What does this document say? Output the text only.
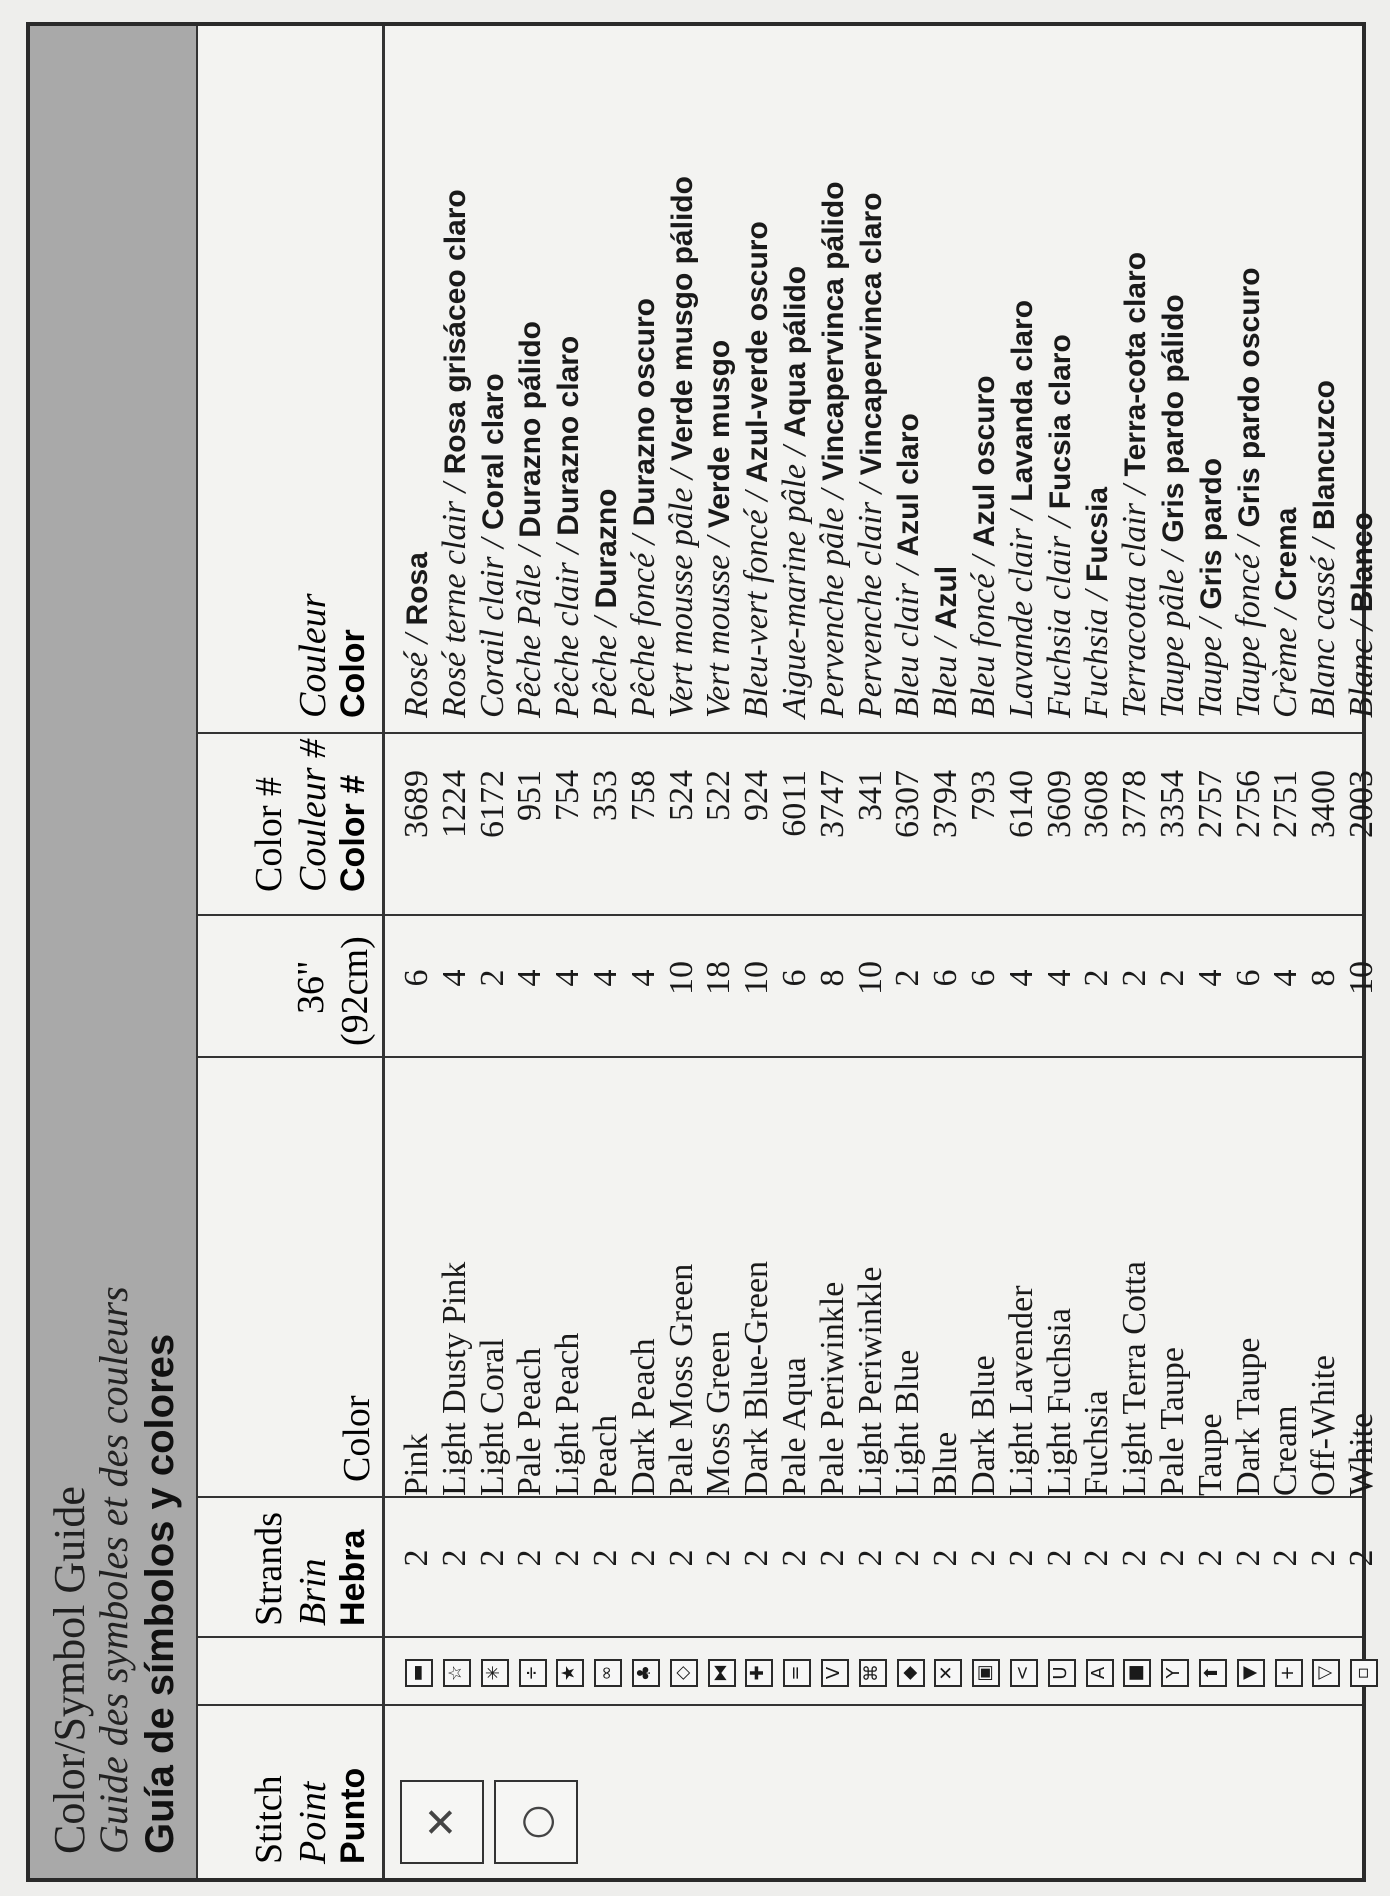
Color/Symbol Guide
Guide des symboles et des couleurs Guía de símbolos y colores Stitch Point Punto
Strands Brin Hebra
Color
36" (92cm)
Color # Couleur # Color #
Couleur Color
✕	○
▬
2
Pink
6
3689
Rosé / Rosa
☆
2
Light Dusty Pink
4
1224
Rosé terne clair / Rosa grisáceo claro
✳
2
Light Coral
2
6172
Corail clair / Coral claro
÷
2
Pale Peach
4
951
Pêche Pâle / Durazno pálido
★
2
Light Peach
4
754
Pêche clair / Durazno claro
∞
2
Peach
4
353
Pêche / Durazno
♣
2
Dark Peach
4
758
Pêche foncé / Durazno oscuro
◇
2
Pale Moss Green
10
524
Vert mousse pâle / Verde musgo pálido
⧓
2
Moss Green
18
522
Vert mousse / Verde musgo
✚
2
Dark Blue-Green
10
924
Bleu-vert foncé / Azul-verde oscuro
=
2
Pale Aqua
6
6011
Aigue-marine pâle / Aqua pálido
V
2
Pale Periwinkle
8
3747
Pervenche pâle / Vincapervinca pálido
⌘
2
Light Periwinkle
10
341
Pervenche clair / Vincapervinca claro
◆
2
Light Blue
2
6307
Bleu clair / Azul claro
✕
2
Blue
6
3794
Bleu / Azul
▣
2
Dark Blue
6
793
Bleu foncé / Azul oscuro
<
2
Light Lavender
4
6140
Lavande clair / Lavanda claro
U
2
Light Fuchsia
4
3609
Fuchsia clair / Fucsia claro
A
2
Fuchsia
2
3608
Fuchsia / Fucsia
■
2
Light Terra Cotta
2
3778
Terracotta clair / Terra-cota claro
Y
2
Pale Taupe
2
3354
Taupe pâle / Gris pardo pálido
⬆
2
Taupe
4
2757
Taupe / Gris pardo
▼
2
Dark Taupe
6
2756
Taupe foncé / Gris pardo oscuro
+
2
Cream
4
2751
Crème / Crema
▽
2
Off-White
8
3400
Blanc cassé / Blancuzco
▫
2
White
10
2003
Blanc / Blanco
